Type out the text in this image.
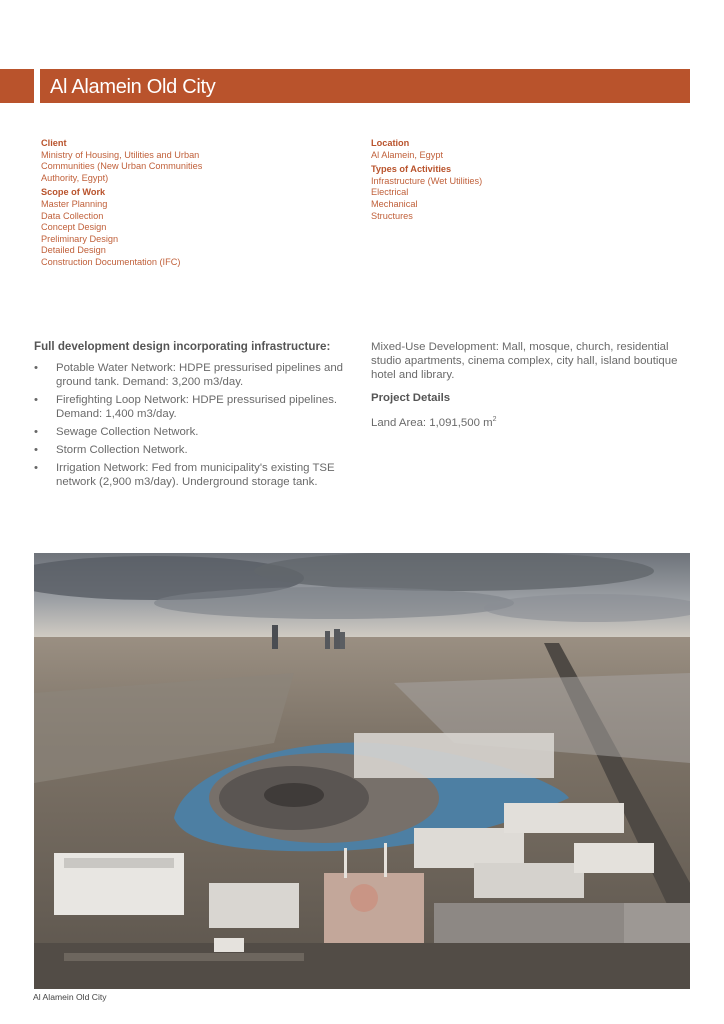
Al Alamein Old City
Client
Ministry of Housing, Utilities and Urban Communities (New Urban Communities Authority, Egypt)
Scope of Work
Master Planning
Data Collection
Concept Design
Preliminary Design
Detailed Design
Construction Documentation (IFC)
Location
Al Alamein, Egypt
Types of Activities
Infrastructure (Wet Utilities)
Electrical
Mechanical
Structures
Full development design incorporating infrastructure:
• Potable Water Network: HDPE pressurised pipelines and ground tank. Demand: 3,200 m3/day.
• Firefighting Loop Network: HDPE pressurised pipelines. Demand: 1,400 m3/day.
• Sewage Collection Network.
• Storm Collection Network.
• Irrigation Network: Fed from municipality's existing TSE network (2,900 m3/day). Underground storage tank.
Mixed-Use Development: Mall, mosque, church, residential studio apartments, cinema complex, city hall, island boutique hotel and library.
Project Details
Land Area: 1,091,500 $m^2$
Al Alamein Old City
